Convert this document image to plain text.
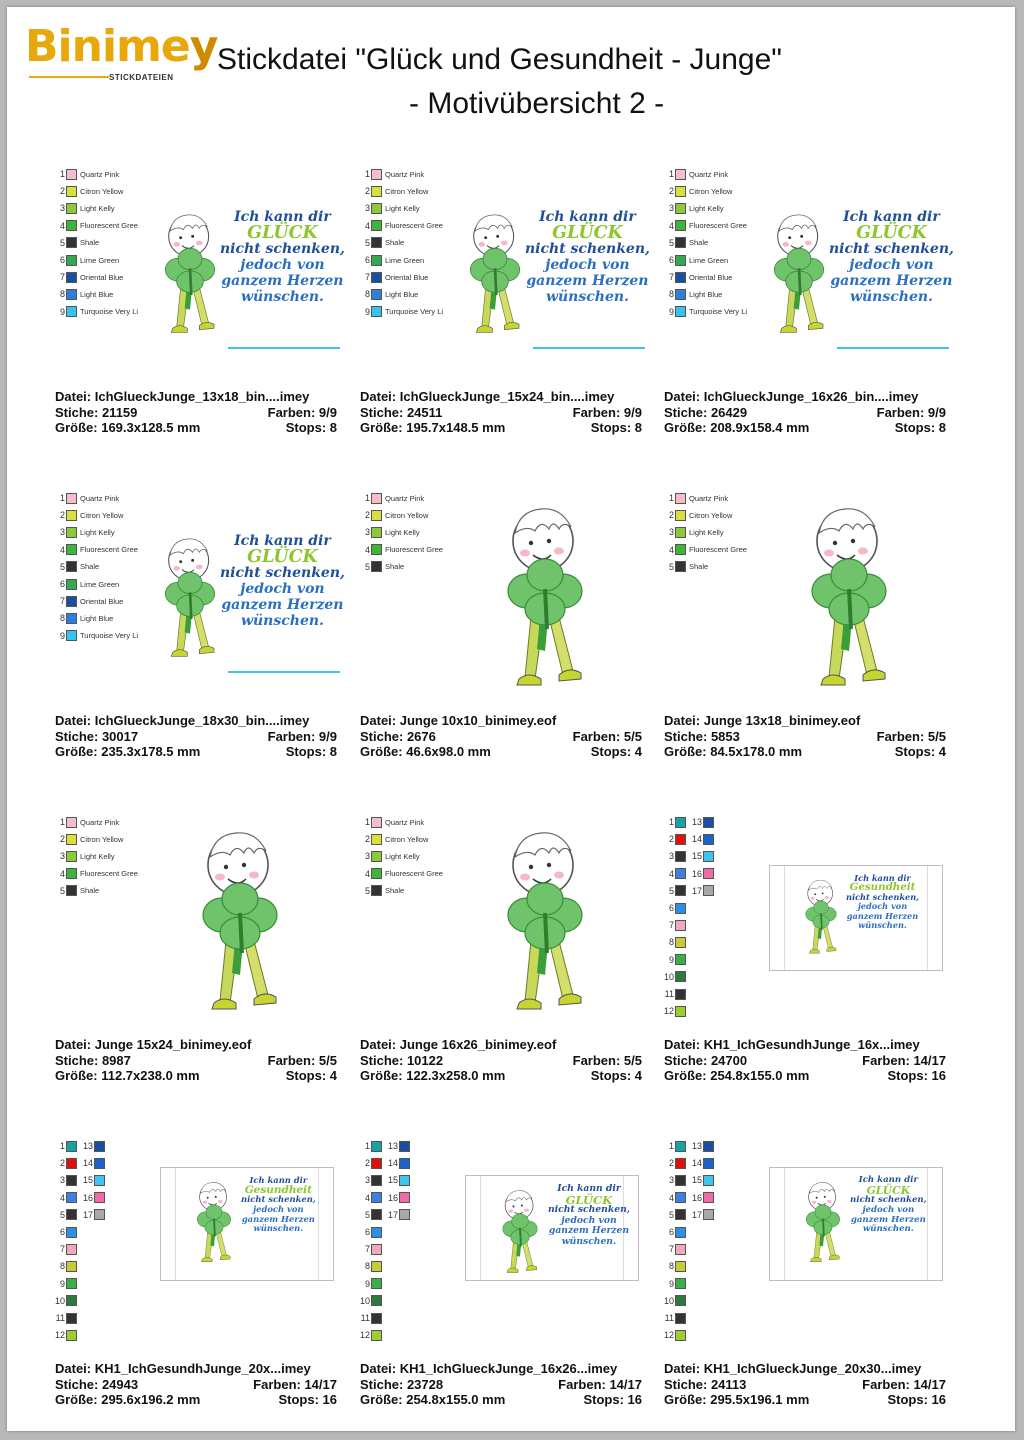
Binimey
STICKDATEIEN
Stickdatei "Glück und Gesundheit - Junge"
- Motivübersicht 2 -
1 Quartz Pink
2 Citron Yellow
3 Light Kelly
4 Fluorescent Gree
5 Shale
6 Lime Green
7 Oriental Blue
8 Light Blue
9 Turquoise Very Li
Ich kann dir
GLÜCK
nicht schenken,
jedoch von
ganzem Herzen
wünschen.
Datei: IchGlueckJunge_13x18_bin....imey
Stiche: 21159	Farben: 9/9
Größe: 169.3x128.5 mm	Stops: 8
1 Quartz Pink
2 Citron Yellow
3 Light Kelly
4 Fluorescent Gree
5 Shale
6 Lime Green
7 Oriental Blue
8 Light Blue
9 Turquoise Very Li
Ich kann dir
GLÜCK
nicht schenken,
jedoch von
ganzem Herzen
wünschen.
Datei: IchGlueckJunge_15x24_bin....imey
Stiche: 24511	Farben: 9/9
Größe: 195.7x148.5 mm	Stops: 8
1 Quartz Pink
2 Citron Yellow
3 Light Kelly
4 Fluorescent Gree
5 Shale
6 Lime Green
7 Oriental Blue
8 Light Blue
9 Turquoise Very Li
Ich kann dir
GLÜCK
nicht schenken,
jedoch von
ganzem Herzen
wünschen.
Datei: IchGlueckJunge_16x26_bin....imey
Stiche: 26429	Farben: 9/9
Größe: 208.9x158.4 mm	Stops: 8
1 Quartz Pink
2 Citron Yellow
3 Light Kelly
4 Fluorescent Gree
5 Shale
6 Lime Green
7 Oriental Blue
8 Light Blue
9 Turquoise Very Li
Ich kann dir
GLÜCK
nicht schenken,
jedoch von
ganzem Herzen
wünschen.
Datei: IchGlueckJunge_18x30_bin....imey
Stiche: 30017	Farben: 9/9
Größe: 235.3x178.5 mm	Stops: 8
1 Quartz Pink
2 Citron Yellow
3 Light Kelly
4 Fluorescent Gree
5 Shale
Datei: Junge 10x10_binimey.eof
Stiche: 2676	Farben: 5/5
Größe: 46.6x98.0 mm	Stops: 4
1 Quartz Pink
2 Citron Yellow
3 Light Kelly
4 Fluorescent Gree
5 Shale
Datei: Junge 13x18_binimey.eof
Stiche: 5853	Farben: 5/5
Größe: 84.5x178.0 mm	Stops: 4
1 Quartz Pink
2 Citron Yellow
3 Light Kelly
4 Fluorescent Gree
5 Shale
Datei: Junge 15x24_binimey.eof
Stiche: 8987	Farben: 5/5
Größe: 112.7x238.0 mm	Stops: 4
1 Quartz Pink
2 Citron Yellow
3 Light Kelly
4 Fluorescent Gree
5 Shale
Datei: Junge 16x26_binimey.eof
Stiche: 10122	Farben: 5/5
Größe: 122.3x258.0 mm	Stops: 4
1	13
2	14
3	15
4	16
5	17
6
7
8
9
10
11
12
Ich kann dir
Gesundheit
nicht schenken,
jedoch von
ganzem Herzen
wünschen.
Datei: KH1_IchGesundhJunge_16x...imey
Stiche: 24700	Farben: 14/17
Größe: 254.8x155.0 mm	Stops: 16
1	13
2	14
3	15
4	16
5	17
6
7
8
9
10
11
12
Ich kann dir
Gesundheit
nicht schenken,
jedoch von
ganzem Herzen
wünschen.
Datei: KH1_IchGesundhJunge_20x...imey
Stiche: 24943	Farben: 14/17
Größe: 295.6x196.2 mm	Stops: 16
1	13
2	14
3	15
4	16
5	17
6
7
8
9
10
11
12
Ich kann dir
GLÜCK
nicht schenken,
jedoch von
ganzem Herzen
wünschen.
Datei: KH1_IchGlueckJunge_16x26...imey
Stiche: 23728	Farben: 14/17
Größe: 254.8x155.0 mm	Stops: 16
1	13
2	14
3	15
4	16
5	17
6
7
8
9
10
11
12
Ich kann dir
GLÜCK
nicht schenken,
jedoch von
ganzem Herzen
wünschen.
Datei: KH1_IchGlueckJunge_20x30...imey
Stiche: 24113	Farben: 14/17
Größe: 295.5x196.1 mm	Stops: 16
